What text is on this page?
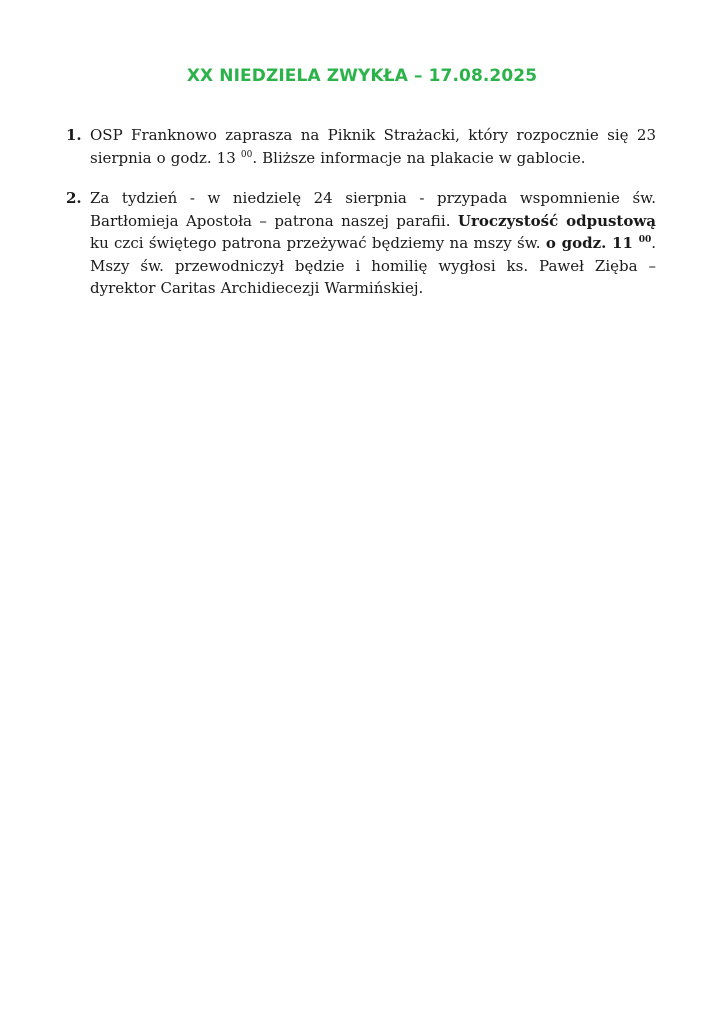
XX NIEDZIELA ZWYKŁA – 17.08.2025
1. OSP Franknowo zaprasza na Piknik Strażacki, który rozpocznie się 23 sierpnia o godz. 13 $^{00}$. Bliższe informacje na plakacie w gablocie.
2. Za tydzień - w niedzielę 24 sierpnia - przypada wspomnienie św. Bartłomieja Apostoła – patrona naszej parafii. Uroczystość odpustową ku czci świętego patrona przeżywać będziemy na mszy św. o godz. 11 $^{00}$. Mszy św. przewodniczył będzie i homilię wygłosi ks. Paweł Zięba – dyrektor Caritas Archidiecezji Warmińskiej.
